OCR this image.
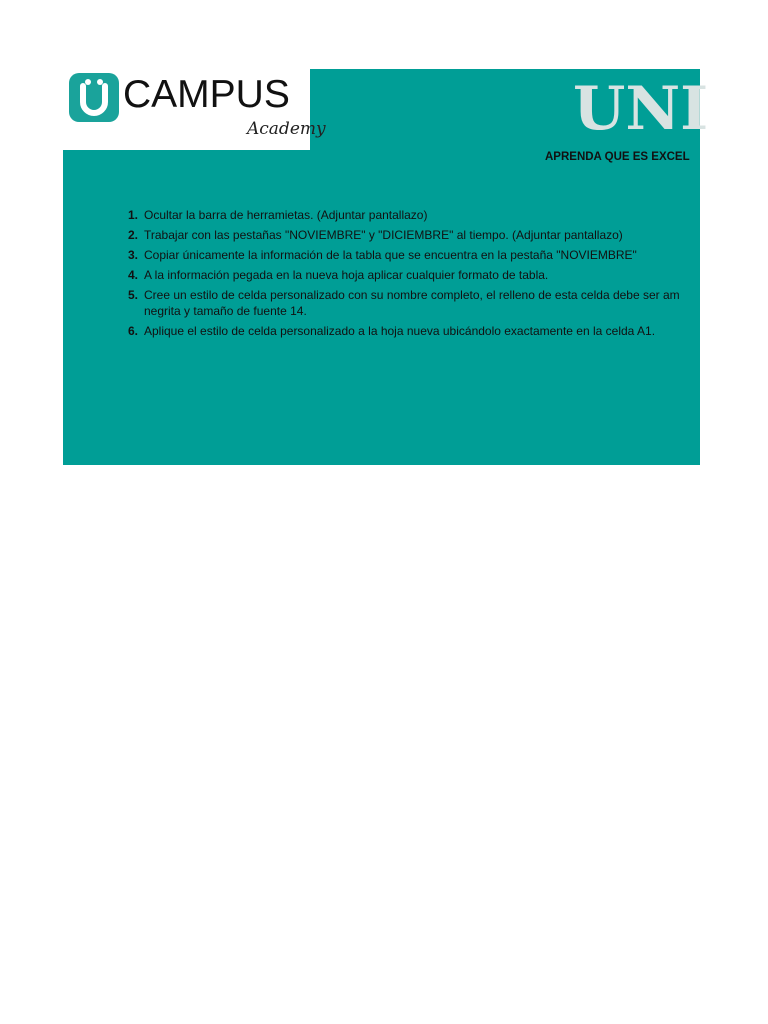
UNI
APRENDA QUE ES EXCEL
1. Ocultar la barra de herramietas. (Adjuntar pantallazo)
2. Trabajar con las pestañas "NOVIEMBRE" y "DICIEMBRE" al tiempo. (Adjuntar pantallazo)
3. Copiar únicamente la información de la tabla que se encuentra en la pestaña "NOVIEMBRE"
4. A la información pegada en la nueva hoja aplicar cualquier formato de tabla.
5. Cree un estilo de celda personalizado con su nombre completo, el relleno de esta celda debe ser am
negrita y tamaño de fuente 14.
6. Aplique el estilo de celda personalizado a la hoja nueva ubicándolo exactamente en la celda A1.
CAMPUS
Academy
